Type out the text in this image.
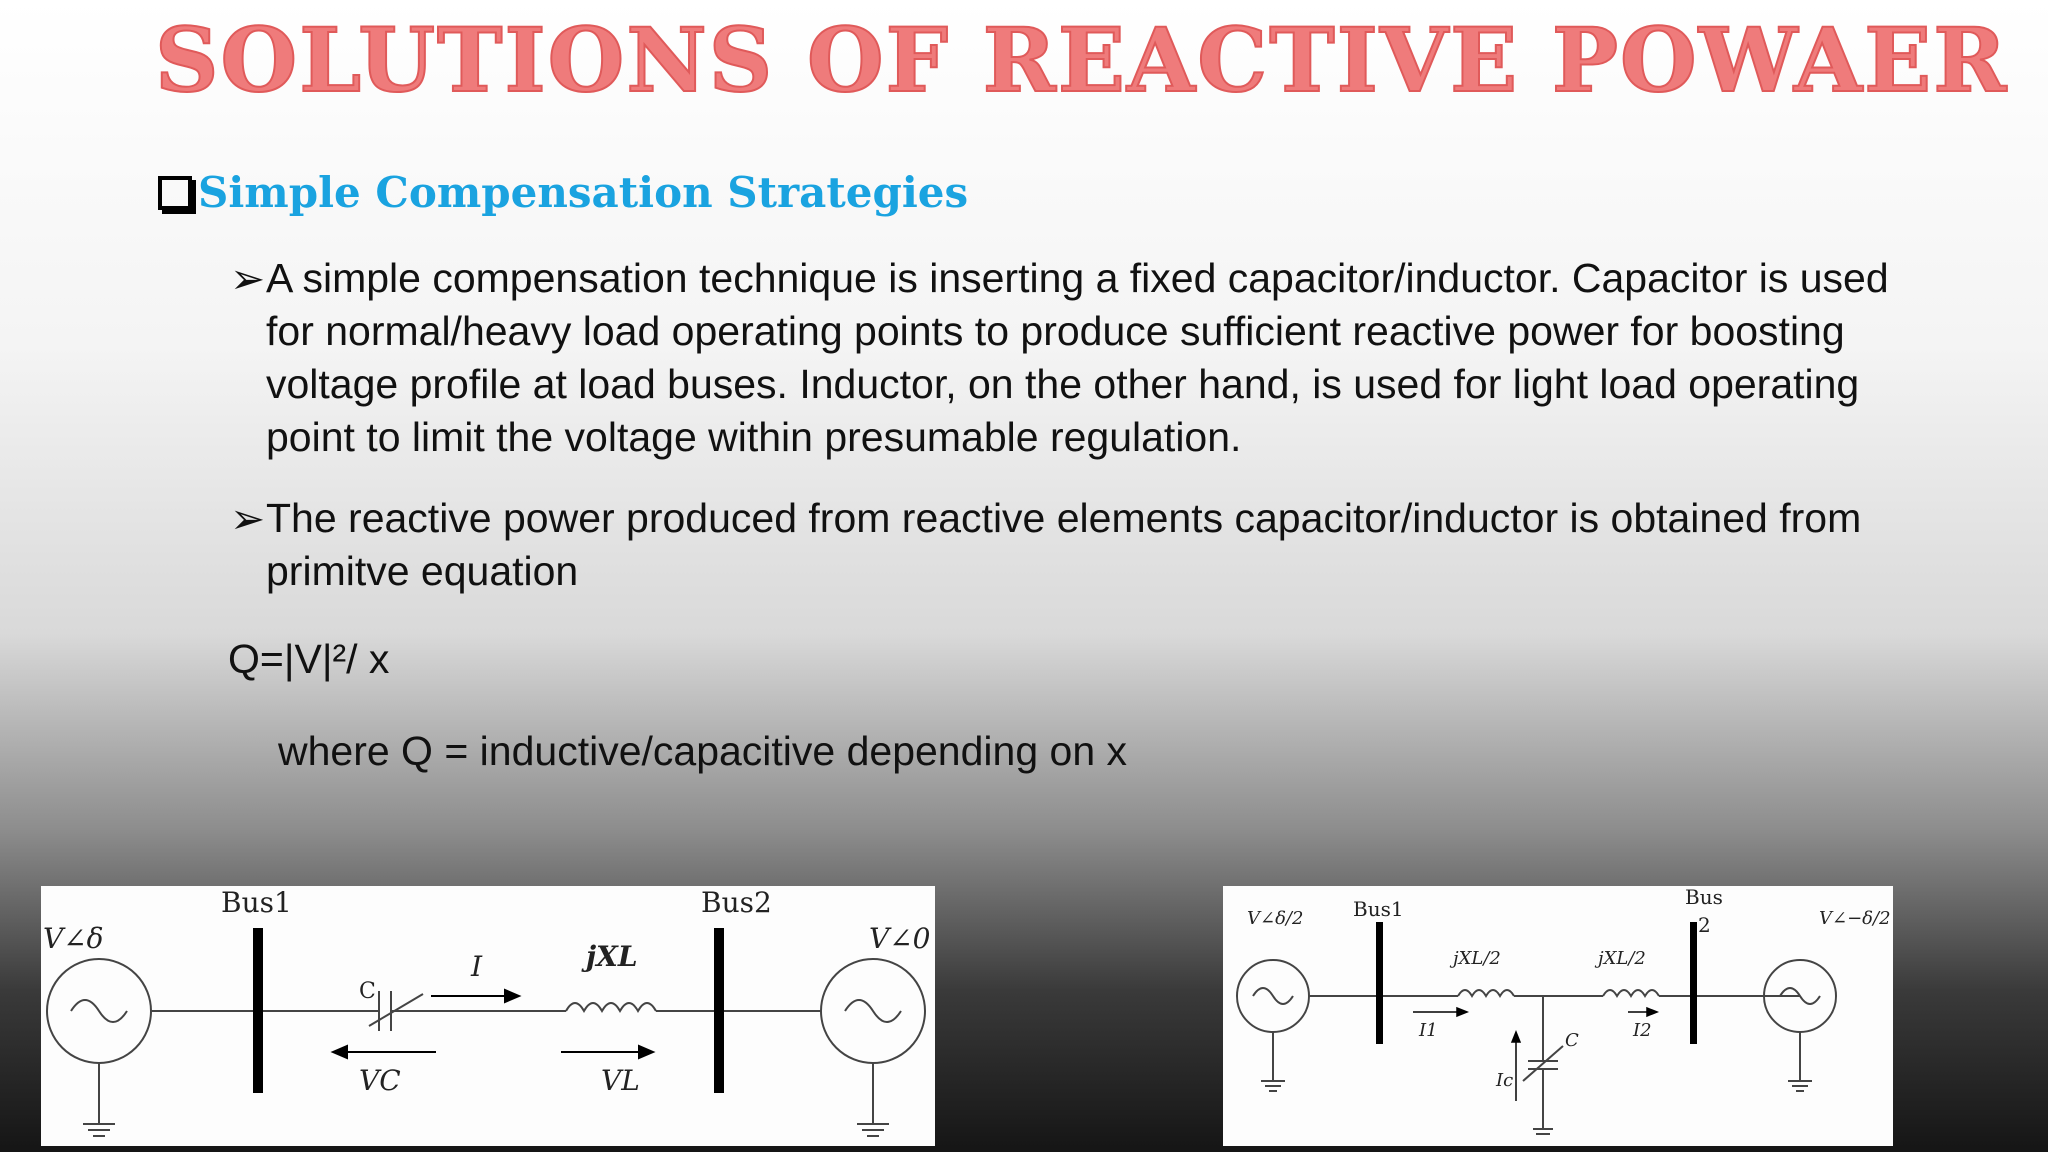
SOLUTIONS OF REACTIVE POWAER
Simple Compensation Strategies
➢ A simple compensation technique is inserting a fixed capacitor/inductor. Capacitor is used for normal/heavy load operating points to produce sufficient reactive power for boosting voltage profile at load buses. Inductor, on the other hand, is used for light load operating point to limit the voltage within presumable regulation.
➢ The reactive power produced from reactive elements capacitor/inductor is obtained from primitve equation
Q=|V|²/ x
where Q = inductive/capacitive depending on x
Bus1	Bus2
V∠δ	V∠0
C
I	jXL
VC	VL
Bus1	Bus
2
V∠δ/2	V∠−δ/2
jXL/2	jXL/2
I1	I2
Ic
C
